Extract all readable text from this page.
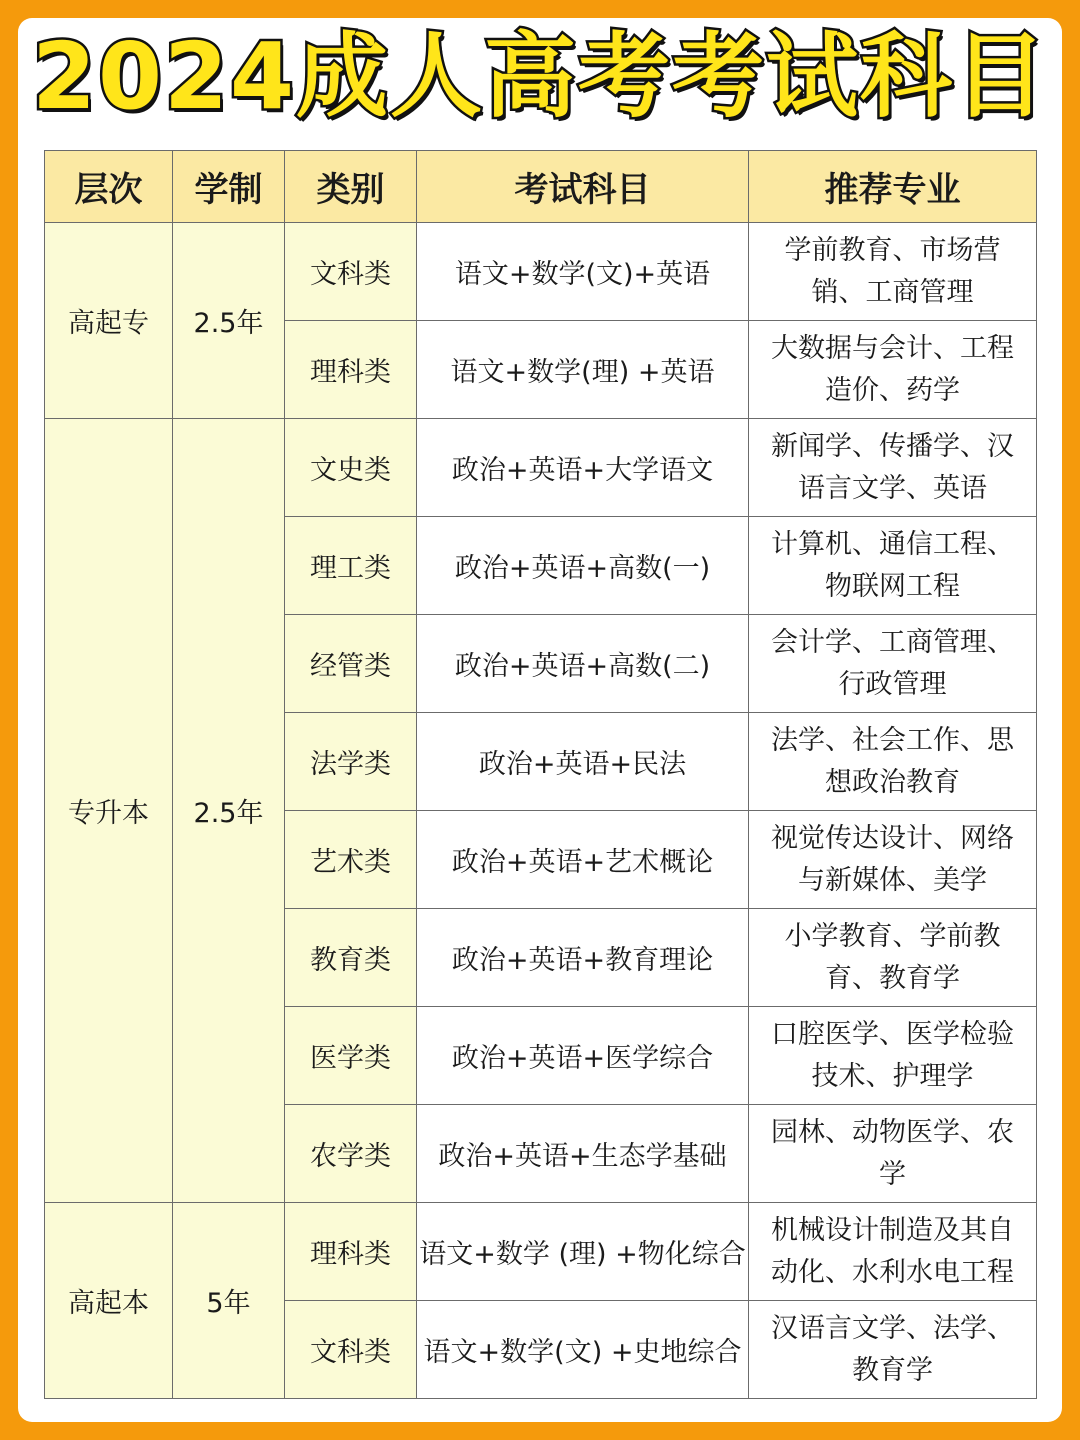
2024成人高考考试科目
层次	学制	类别	考试科目	推荐专业
高起专	2.5年	文科类	语文+数学(文)+英语	学前教育、市场营销、工商管理
		理科类	语文+数学(理) +英语	大数据与会计、工程造价、药学
专升本	2.5年	文史类	政治+英语+大学语文	新闻学、传播学、汉语言文学、英语
		理工类	政治+英语+高数(一)	计算机、通信工程、物联网工程
		经管类	政治+英语+高数(二)	会计学、工商管理、行政管理
		法学类	政治+英语+民法	法学、社会工作、思想政治教育
		艺术类	政治+英语+艺术概论	视觉传达设计、网络与新媒体、美学
		教育类	政治+英语+教育理论	小学教育、学前教育、教育学
		医学类	政治+英语+医学综合	口腔医学、医学检验技术、护理学
		农学类	政治+英语+生态学基础	园林、动物医学、农学
高起本	5年	理科类	语文+数学 (理) +物化综合	机械设计制造及其自动化、水利水电工程
		文科类	语文+数学(文) +史地综合	汉语言文学、法学、教育学
